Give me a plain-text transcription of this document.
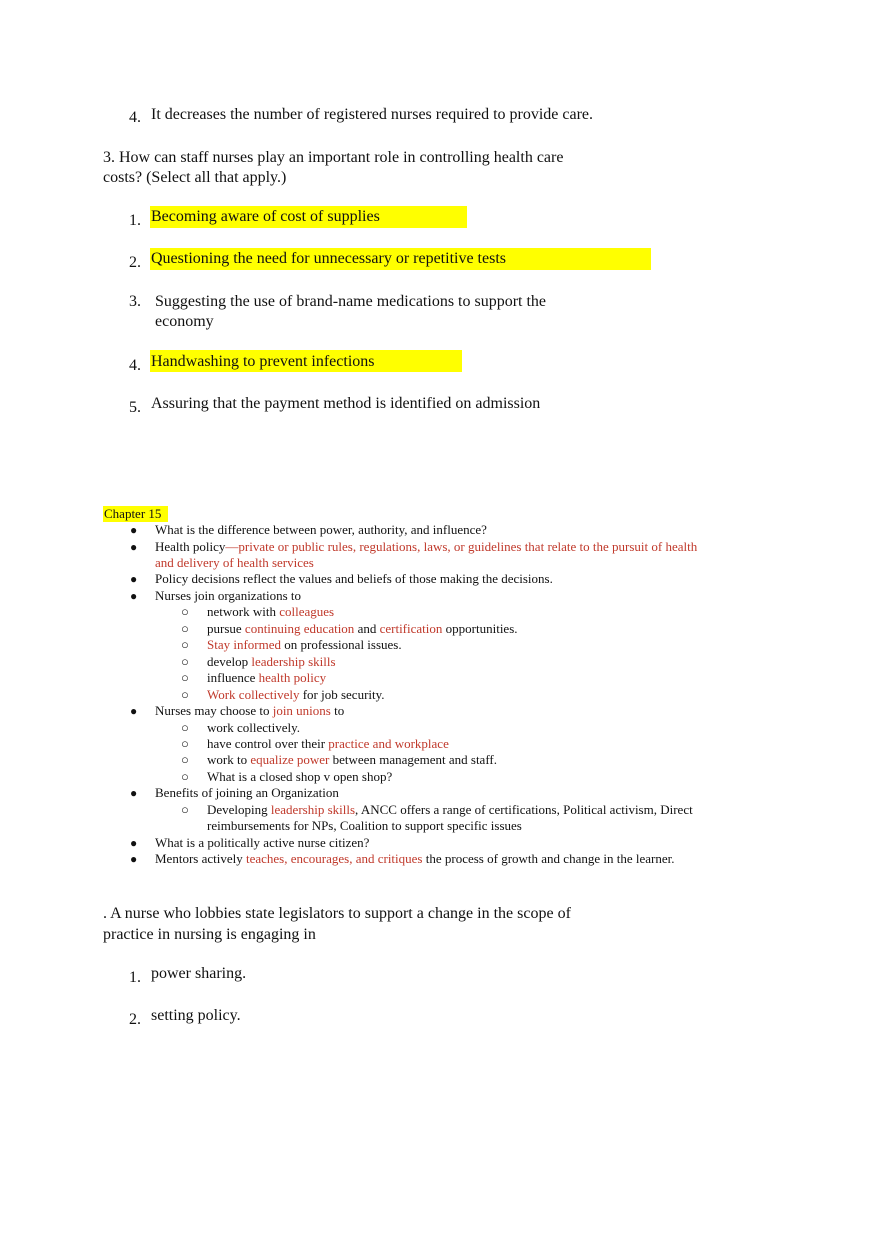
4. It decreases the number of registered nurses required to provide care.
3. How can staff nurses play an important role in controlling health care
costs? (Select all that apply.)
1. Becoming aware of cost of supplies
2. Questioning the need for unnecessary or repetitive tests
3. Suggesting the use of brand-name medications to support the
economy
4. Handwashing to prevent infections
5. Assuring that the payment method is identified on admission
Chapter 15
● What is the difference between power, authority, and influence?
● Health policy—private or public rules, regulations, laws, or guidelines that relate to the pursuit of health
and delivery of health services
● Policy decisions reflect the values and beliefs of those making the decisions.
● Nurses join organizations to
○ network with colleagues
○ pursue continuing education and certification opportunities.
○ Stay informed on professional issues.
○ develop leadership skills
○ influence health policy
○ Work collectively for job security.
● Nurses may choose to join unions to
○ work collectively.
○ have control over their practice and workplace
○ work to equalize power between management and staff.
○ What is a closed shop v open shop?
● Benefits of joining an Organization
○ Developing leadership skills, ANCC offers a range of certifications, Political activism, Direct
reimbursements for NPs, Coalition to support specific issues
● What is a politically active nurse citizen?
● Mentors actively teaches, encourages, and critiques the process of growth and change in the learner.
. A nurse who lobbies state legislators to support a change in the scope of
practice in nursing is engaging in
1. power sharing.
2. setting policy.
